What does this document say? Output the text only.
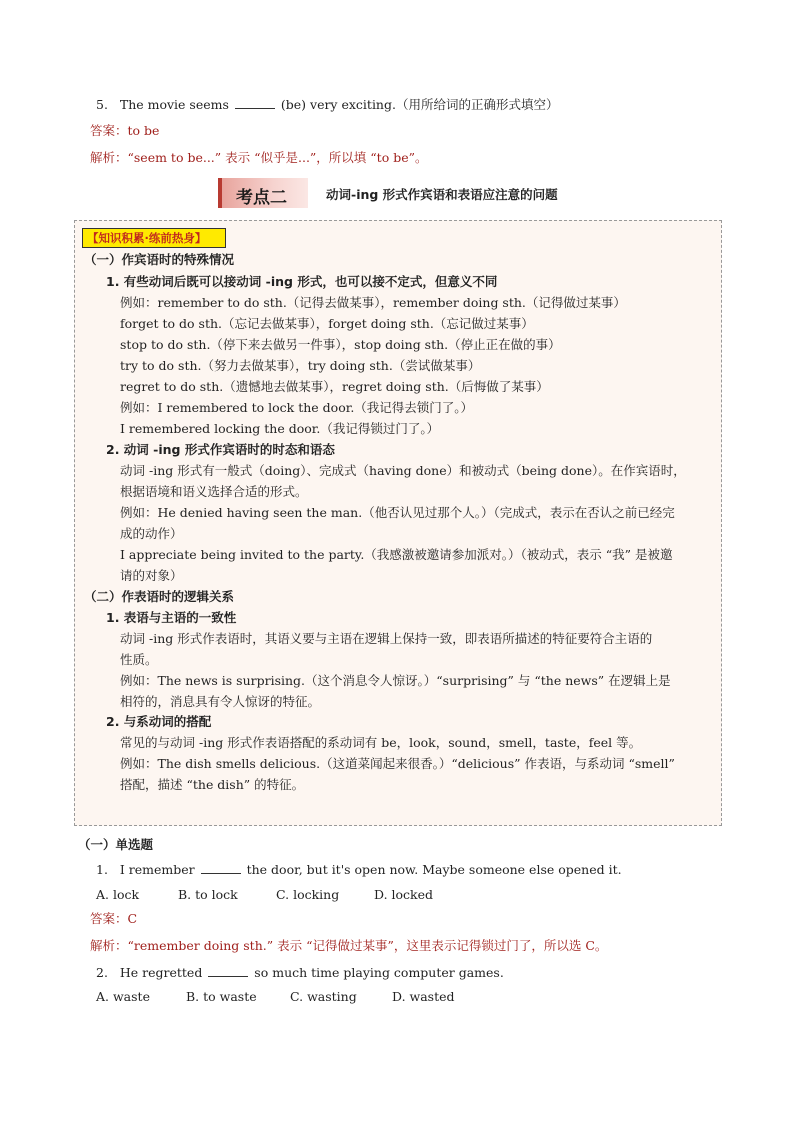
5. The movie seems	(be) very exciting.（用所给词的正确形式填空）
答案：to be
解析：“seem to be...” 表示 “似乎是...”，所以填 “to be”。
考点二	动词-ing 形式作宾语和表语应注意的问题
【知识积累·练前热身】
（一）作宾语时的特殊情况
1. 有些动词后既可以接动词 -ing 形式，也可以接不定式，但意义不同
例如：remember to do sth.（记得去做某事），remember doing sth.（记得做过某事）
forget to do sth.（忘记去做某事），forget doing sth.（忘记做过某事）
stop to do sth.（停下来去做另一件事），stop doing sth.（停止正在做的事）
try to do sth.（努力去做某事），try doing sth.（尝试做某事）
regret to do sth.（遗憾地去做某事），regret doing sth.（后悔做了某事）
例如：I remembered to lock the door.（我记得去锁门了。）
I remembered locking the door.（我记得锁过门了。）
2. 动词 -ing 形式作宾语时的时态和语态
动词 -ing 形式有一般式（doing）、完成式（having done）和被动式（being done）。在作宾语时，
根据语境和语义选择合适的形式。
例如：He denied having seen the man.（他否认见过那个人。）（完成式，表示在否认之前已经完
成的动作）
I appreciate being invited to the party.（我感激被邀请参加派对。）（被动式，表示 “我” 是被邀
请的对象）
（二）作表语时的逻辑关系
1. 表语与主语的一致性
动词 -ing 形式作表语时，其语义要与主语在逻辑上保持一致，即表语所描述的特征要符合主语的
性质。
例如：The news is surprising.（这个消息令人惊讶。）“surprising” 与 “the news” 在逻辑上是
相符的，消息具有令人惊讶的特征。
2. 与系动词的搭配
常见的与动词 -ing 形式作表语搭配的系动词有 be，look，sound，smell，taste，feel 等。
例如：The dish smells delicious.（这道菜闻起来很香。）“delicious” 作表语，与系动词 “smell”
搭配，描述 “the dish” 的特征。
（一）单选题
1. I remember	the door, but it's open now. Maybe someone else opened it.
A. lock	B. to lock	C. locking	D. locked
答案：C
解析：“remember doing sth.” 表示 “记得做过某事”，这里表示记得锁过门了，所以选 C。
2. He regretted	so much time playing computer games.
A. waste	B. to waste	C. wasting	D. wasted
